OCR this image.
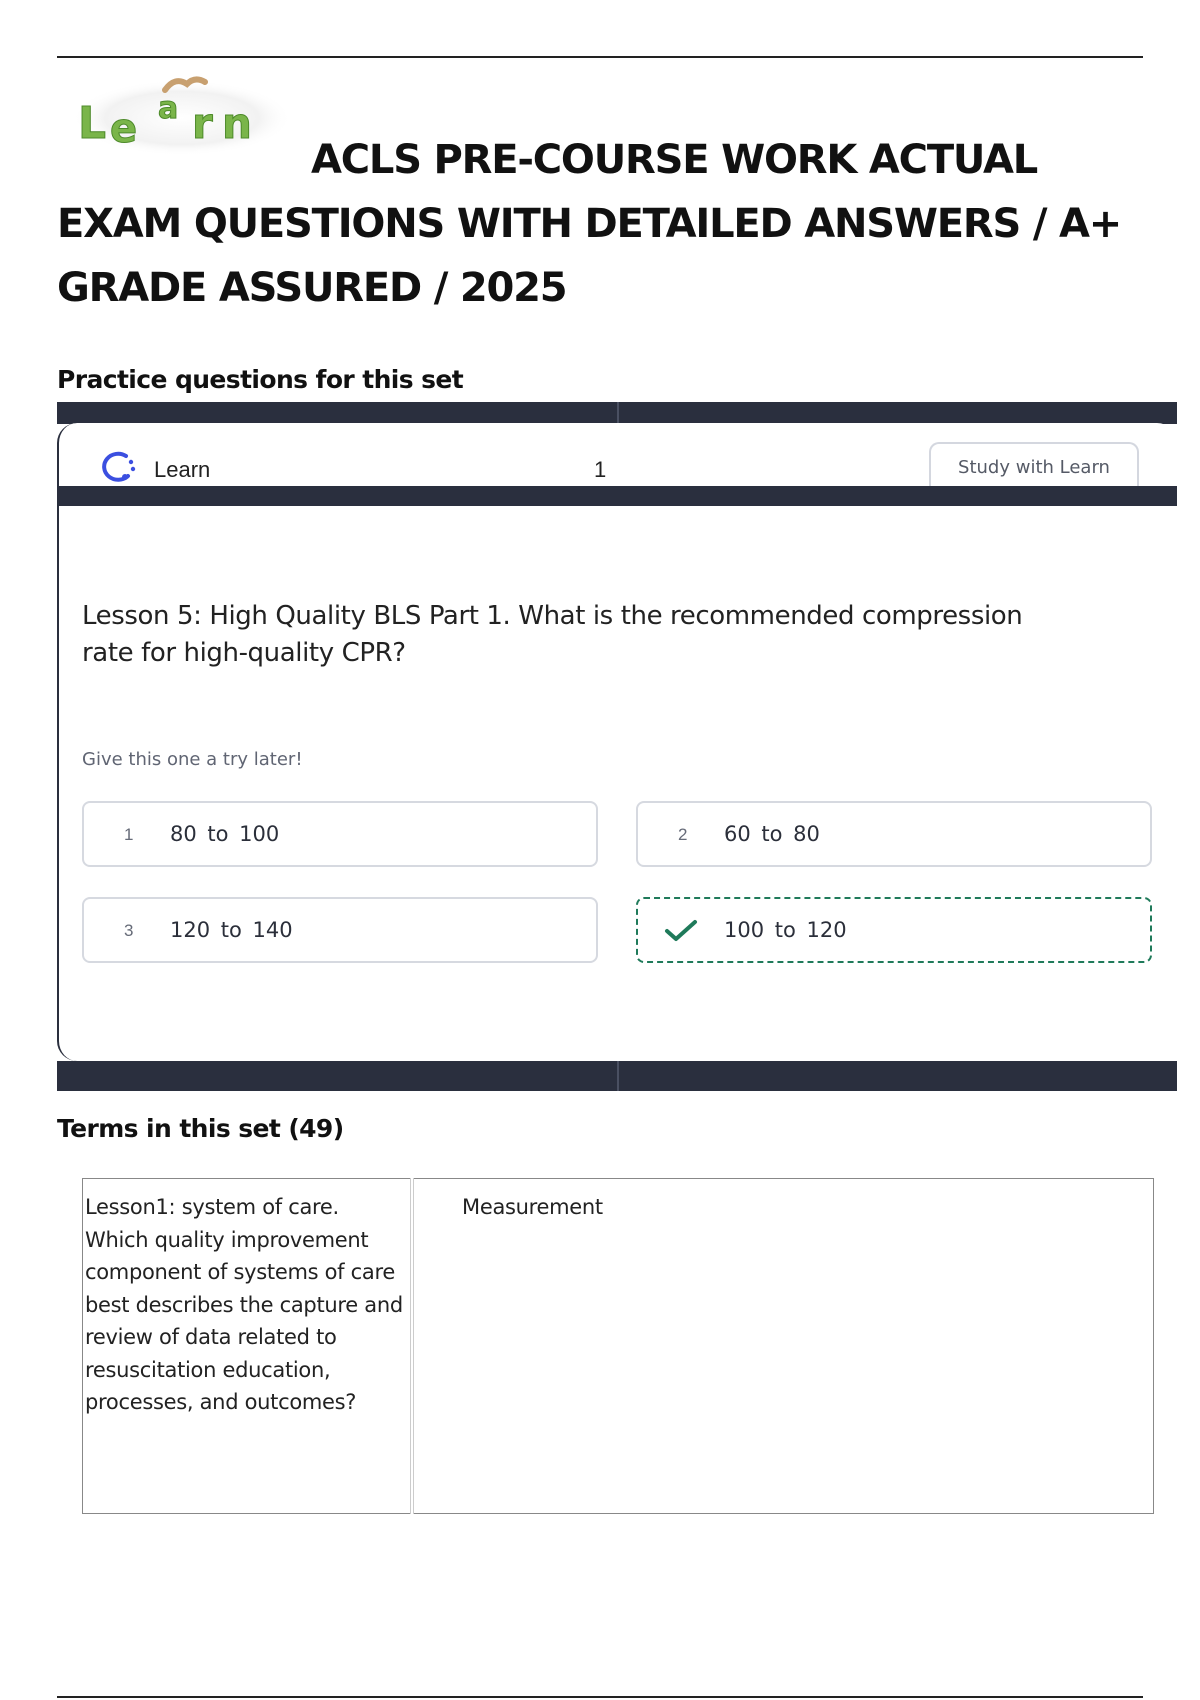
L e a r n
ACLS PRE-COURSE WORK ACTUAL
EXAM QUESTIONS WITH DETAILED ANSWERS / A+
GRADE ASSURED / 2025
Practice questions for this set
Learn	1	Study with Learn

Lesson 5: High Quality BLS Part 1. What is the recommended compression rate for high-quality CPR?

Give this one a try later!
1 80 to 100	2 60 to 80
3 120 to 140	100 to 120
Terms in this set (49)
Lesson1: system of care. Which quality improvement component of systems of care best describes the capture and review of data related to resuscitation education, processes, and outcomes?	Measurement
